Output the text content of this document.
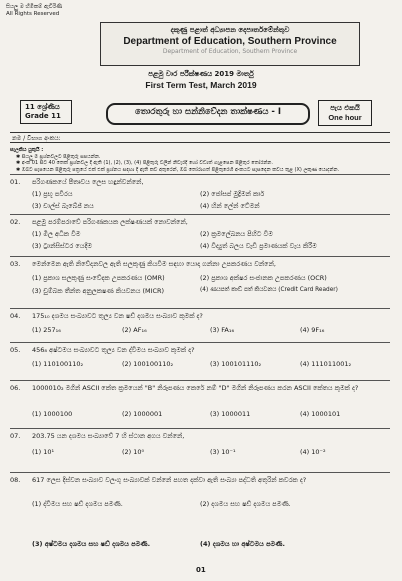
සියලු ම හිමිකම් ඇවිරිණි
All Rights Reserved
දකුණු පළාත් අධ්‍යාපන දෙපාර්තමේන්තුව
Department of Education, Southern Province
Department of Education, Southern Province
පළමු වාර පරීක්ෂණය 2019 මාර්තු
First Term Test, March 2019
11 ශ්‍රේණිය
Grade 11	තොරතුරු හා සන්නිවේදන තාක්ෂණය - I	පැය එකයි
One hour
නම / විභාග අංකය:
සැලකිය යුතුයි :
✱ සියලු ම ප්‍රශ්නවලට පිළිතුරු සපයන්න.
✱ අංක 01 සිට 40 තෙක් ප්‍රශ්නවල දී ඇති (1), (2), (3), (4) පිළිතුරු වලින් නිවැරදි හෝ වඩාත් ගැළපෙන පිළිතුර තෝරන්න.
✱ ඔබට සැපයෙන පිළිතුරු පත්‍රයේ එක් එක් ප්‍රශ්නය සඳහා දී ඇති කව අතුරෙන්, ඔබ තෝරාගත් පිළිතුරෙහි අංකයට සැසඳෙන කවය තුළ (X) ලකුණ යොදන්න.
01. පරිගණකයේ පීතෘවය ලෙස හඳුන්වන්නේ,
(1) ප්‍රභූ පවිරය	(2) ජෝසප් මුද්‍රිමන් කාර්
(3) චාල්ස් බැබේජ් නය	(4) හින් ලේන් ටේමන්
02. පළමු පරම්පරාවේ පරිගණකයක ලක්ෂණයක් නොවන්නේ,
(1) මිල අධික වීම	(2) ක්‍රමලේඛනය පිහිට වීම
(3) ට්‍රාන්සිස්ටර යෙදීම	(4) විද්‍යුත් බලය වැඩි ප්‍රමාණයක් වැය කිරීම
03. මෙන්මෙන ඇති නිවේදනවල ඇති සලකුණු කියවීම සඳහා යොදා ගන්නා උපකරණය වන්නේ,
(1) ප්‍රකාශ සලකුණු සංවේදක උපකරණය (OMR)	(2) ප්‍රකාශ අක්ෂර සංජානක උපකරණය (OCR)
(3) චුම්බක තීන්ත අනුලකෂණ කියවනය (MICR)	(4) ණයපත් කාඩ් පත් කියවනය (Credit Card Reader)
04. 175₁₀ දශමය සංඛ්‍යාවට තුල්‍ය වන ෂඩ් දශමය සංඛ්‍යාව කුමක් ද?
(1) 257₁₆	(2) AF₁₆	(3) FA₁₆	(4) 9F₁₆
05. 456₈ අෂ්ටමය සංඛ්‍යාවට තුල්‍ය වන ද්විමය සංඛ්‍යාව කුමක් ද?
(1) 110100110₂	(2) 100100110₂	(3) 100101110₂	(4) 111011001₂
06. 1000010₂ මගින් ASCII කේත ක්‍රමයෙන් "B" නිරූපණය කෙරේ නම් "D" මගින් නිරූපණය කරන ASCII කේතය කුමක් ද?
(1) 1000100	(2) 1000001	(3) 1000011	(4) 1000101
07. 203.75 යන දශමය සංඛ්‍යාවේ 7 හි ස්ථාන අගය වන්නේ,
(1) 10¹	(2) 10⁰	(3) 10⁻¹	(4) 10⁻²
08. 617 ලෙස දිස්වන සංඛ්‍යාව වලංගු සංඛ්‍යාවක් වන්නේ පහත දක්වා ඇති සංඛ්‍යා පද්ධති අතුරින් කවරක ද?
(1) ද්විමය සහ ෂඩ් දශමය පමණි.	(2) දශමය සහ ෂඩ් දශමය පමණි.
(3) අෂ්ටමය දශමය සහ ෂඩ් දශමය පමණි.	(4) දශමය හා අෂ්ටමය පමණි.
01
